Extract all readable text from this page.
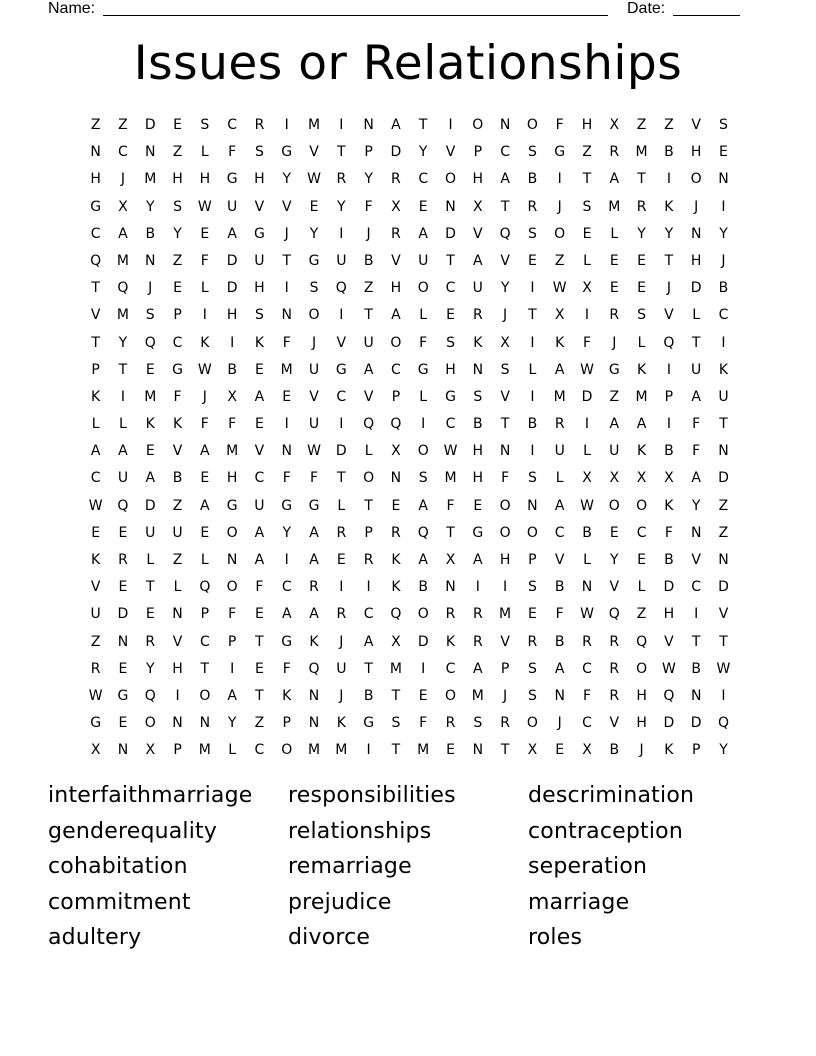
Name:	Date:
Issues or Relationships
Z	Z	D	E	S	C	R	I	M	I	N	A	T	I	O	N	O	F	H	X	Z	Z	V	S
N	C	N	Z	L	F	S	G	V	T	P	D	Y	V	P	C	S	G	Z	R	M	B	H	E
H	J	M	H	H	G	H	Y	W	R	Y	R	C	O	H	A	B	I	T	A	T	I	O	N
G	X	Y	S	W	U	V	V	E	Y	F	X	E	N	X	T	R	J	S	M	R	K	J	I
C	A	B	Y	E	A	G	J	Y	I	J	R	A	D	V	Q	S	O	E	L	Y	Y	N	Y
Q	M	N	Z	F	D	U	T	G	U	B	V	U	T	A	V	E	Z	L	E	E	T	H	J
T	Q	J	E	L	D	H	I	S	Q	Z	H	O	C	U	Y	I	W	X	E	E	J	D	B
V	M	S	P	I	H	S	N	O	I	T	A	L	E	R	J	T	X	I	R	S	V	L	C
T	Y	Q	C	K	I	K	F	J	V	U	O	F	S	K	X	I	K	F	J	L	Q	T	I
P	T	E	G	W	B	E	M	U	G	A	C	G	H	N	S	L	A	W	G	K	I	U	K
K	I	M	F	J	X	A	E	V	C	V	P	L	G	S	V	I	M	D	Z	M	P	A	U
L	L	K	K	F	F	E	I	U	I	Q	Q	I	C	B	T	B	R	I	A	A	I	F	T
A	A	E	V	A	M	V	N	W	D	L	X	O	W	H	N	I	U	L	U	K	B	F	N
C	U	A	B	E	H	C	F	F	T	O	N	S	M	H	F	S	L	X	X	X	X	A	D
W	Q	D	Z	A	G	U	G	G	L	T	E	A	F	E	O	N	A	W	O	O	K	Y	Z
E	E	U	U	E	O	A	Y	A	R	P	R	Q	T	G	O	O	C	B	E	C	F	N	Z
K	R	L	Z	L	N	A	I	A	E	R	K	A	X	A	H	P	V	L	Y	E	B	V	N
V	E	T	L	Q	O	F	C	R	I	I	K	B	N	I	I	S	B	N	V	L	D	C	D
U	D	E	N	P	F	E	A	A	R	C	Q	O	R	R	M	E	F	W	Q	Z	H	I	V
Z	N	R	V	C	P	T	G	K	J	A	X	D	K	R	V	R	B	R	R	Q	V	T	T
R	E	Y	H	T	I	E	F	Q	U	T	M	I	C	A	P	S	A	C	R	O	W	B	W
W	G	Q	I	O	A	T	K	N	J	B	T	E	O	M	J	S	N	F	R	H	Q	N	I
G	E	O	N	N	Y	Z	P	N	K	G	S	F	R	S	R	O	J	C	V	H	D	D	Q
X	N	X	P	M	L	C	O	M	M	I	T	M	E	N	T	X	E	X	B	J	K	P	Y
interfaithmarriage	responsibilities	descrimination
genderequality	relationships	contraception
cohabitation	remarriage	seperation
commitment	prejudice	marriage
adultery	divorce	roles
